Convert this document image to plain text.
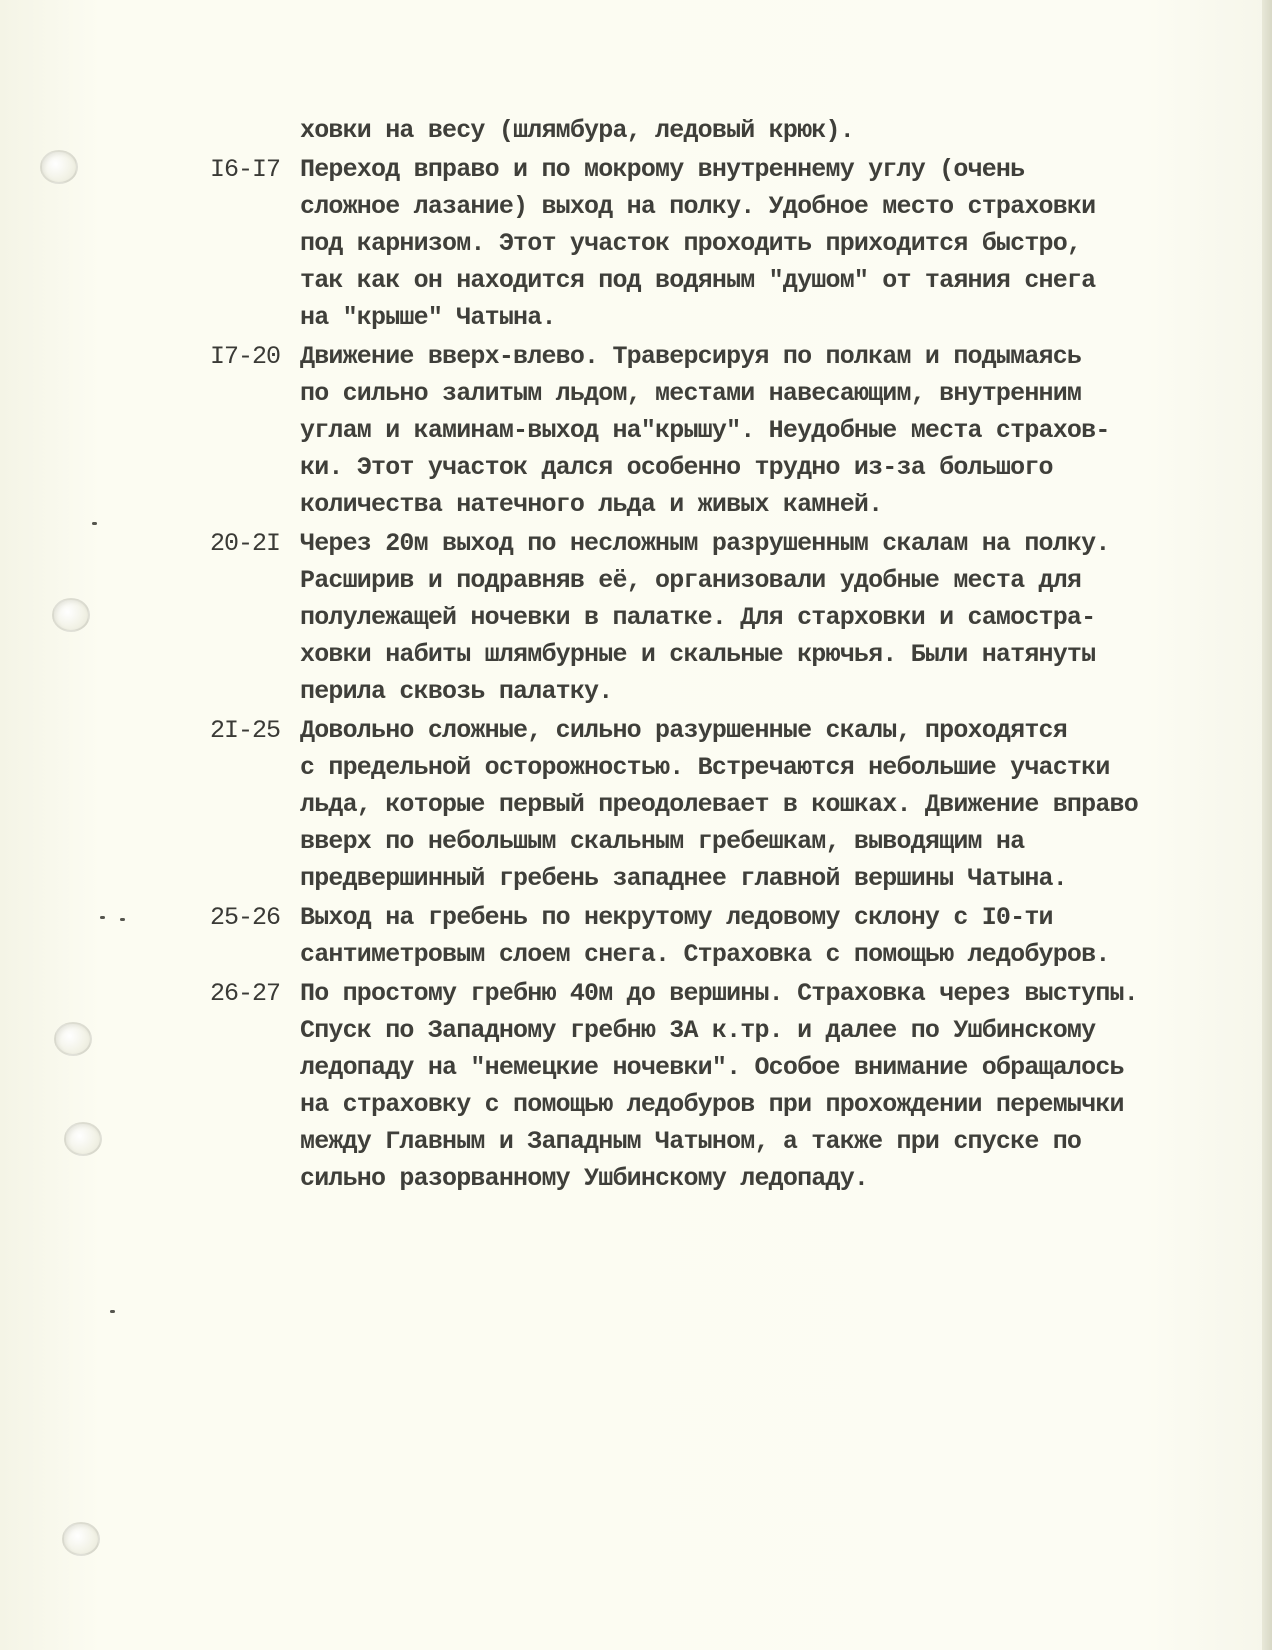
ховки на весу (шлямбура, ледовый крюк).
I6-I7 Переход вправо и по мокрому внутреннему углу (очень
сложное лазание) выход на полку. Удобное место страховки
под карнизом. Этот участок проходить приходится быстро,
так как он находится под водяным "душом" от таяния снега
на "крыше" Чатына.
I7-20 Движение вверх-влево. Траверсируя по полкам и подымаясь
по сильно залитым льдом, местами навесающим, внутренним
углам и каминам-выход на"крышу". Неудобные места страхов-
ки. Этот участок дался особенно трудно из-за большого
количества натечного льда и живых камней.
20-2I Через 20м выход по несложным разрушенным скалам на полку.
Расширив и подравняв её, организовали удобные места для
полулежащей ночевки в палатке. Для старховки и самостра-
ховки набиты шлямбурные и скальные крючья. Были натянуты
перила сквозь палатку.
2I-25 Довольно сложные, сильно разуршенные скалы, проходятся
с предельной осторожностью. Встречаются небольшие участки
льда, которые первый преодолевает в кошках. Движение вправо
вверх по небольшым скальным гребешкам, выводящим на
предвершинный гребень западнее главной вершины Чатына.
25-26 Выход на гребень по некрутому ледовому склону с I0-ти
сантиметровым слоем снега. Страховка с помощью ледобуров.
26-27 По простому гребню 40м до вершины. Страховка через выступы.
Спуск по Западному гребню 3А к.тр. и далее по Ушбинскому
ледопаду на "немецкие ночевки". Особое внимание обращалось
на страховку с помощью ледобуров при прохождении перемычки
между Главным и Западным Чатыном, а также при спуске по
сильно разорванному Ушбинскому ледопаду.
